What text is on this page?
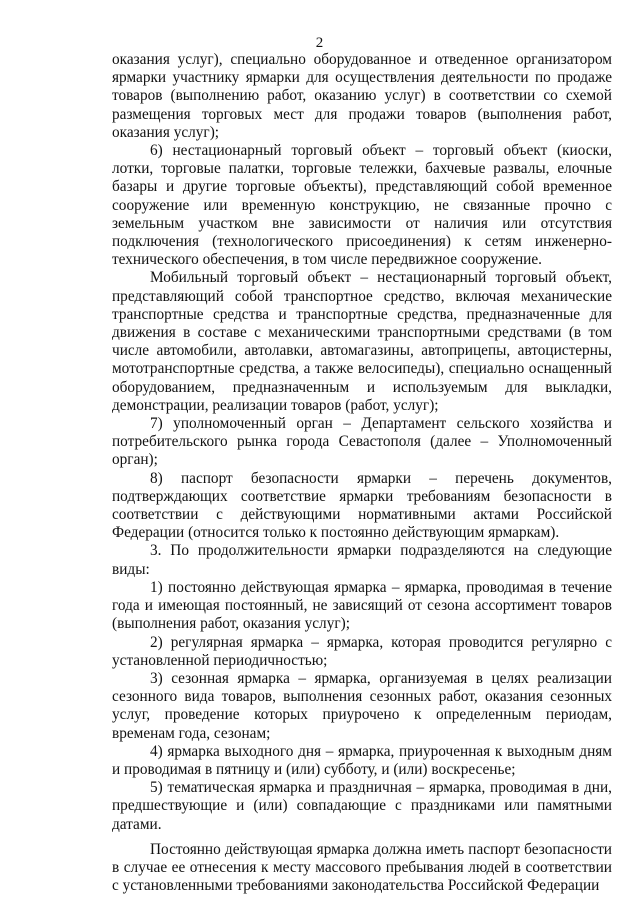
2

оказания услуг), специально оборудованное и отведенное организатором ярмарки участнику ярмарки для осуществления деятельности по продаже товаров (выполнению работ, оказанию услуг) в соответствии со схемой размещения торговых мест для продажи товаров (выполнения работ, оказания услуг);

6) нестационарный торговый объект – торговый объект (киоски, лотки, торговые палатки, торговые тележки, бахчевые развалы, елочные базары и другие торговые объекты), представляющий собой временное сооружение или временную конструкцию, не связанные прочно с земельным участком вне зависимости от наличия или отсутствия подключения (технологического присоединения) к сетям инженерно-технического обеспечения, в том числе передвижное сооружение.

Мобильный торговый объект – нестационарный торговый объект, представляющий собой транспортное средство, включая механические транспортные средства и транспортные средства, предназначенные для движения в составе с механическими транспортными средствами (в том числе автомобили, автолавки, автомагазины, автоприцепы, автоцистерны, мототранспортные средства, а также велосипеды), специально оснащенный оборудованием, предназначенным и используемым для выкладки, демонстрации, реализации товаров (работ, услуг);

7) уполномоченный орган – Департамент сельского хозяйства и потребительского рынка города Севастополя (далее – Уполномоченный орган);

8) паспорт безопасности ярмарки – перечень документов, подтверждающих соответствие ярмарки требованиям безопасности в соответствии с действующими нормативными актами Российской Федерации (относится только к постоянно действующим ярмаркам).

3. По продолжительности ярмарки подразделяются на следующие виды:

1) постоянно действующая ярмарка – ярмарка, проводимая в течение года и имеющая постоянный, не зависящий от сезона ассортимент товаров (выполнения работ, оказания услуг);

2) регулярная ярмарка – ярмарка, которая проводится регулярно с установленной периодичностью;

3) сезонная ярмарка – ярмарка, организуемая в целях реализации сезонного вида товаров, выполнения сезонных работ, оказания сезонных услуг, проведение которых приурочено к определенным периодам, временам года, сезонам;

4) ярмарка выходного дня – ярмарка, приуроченная к выходным дням и проводимая в пятницу и (или) субботу, и (или) воскресенье;

5) тематическая ярмарка и праздничная – ярмарка, проводимая в дни, предшествующие и (или) совпадающие с праздниками или памятными датами.

Постоянно действующая ярмарка должна иметь паспорт безопасности в случае ее отнесения к месту массового пребывания людей в соответствии с установленными требованиями законодательства Российской Федерации
